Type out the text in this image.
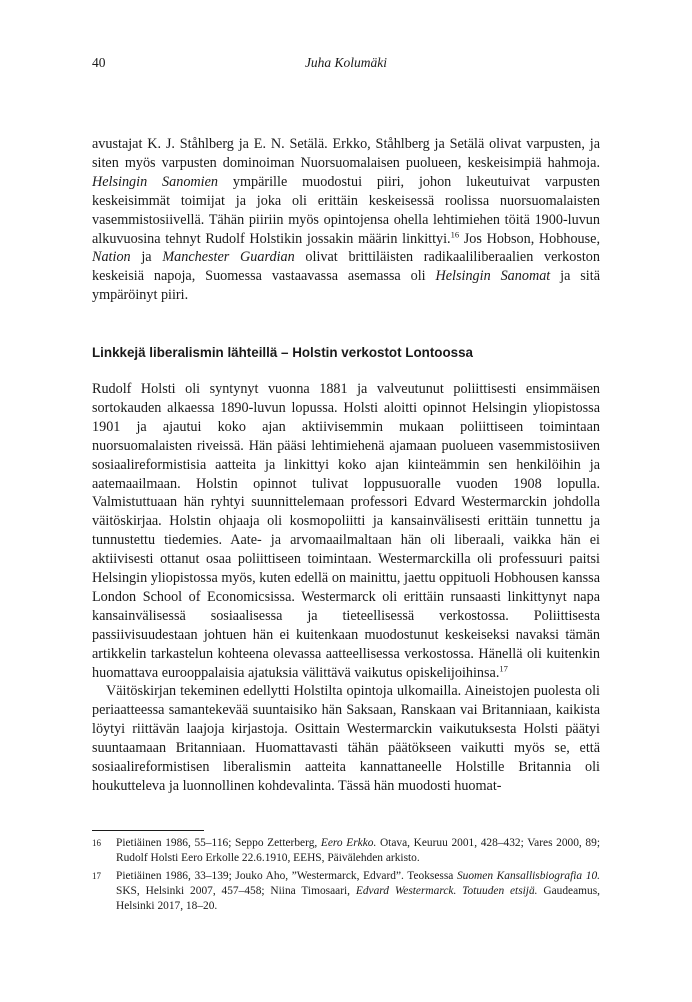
40	Juha Kolumäki

avustajat K. J. Ståhlberg ja E. N. Setälä. Erkko, Ståhlberg ja Setälä olivat varpusten, ja siten myös varpusten dominoiman Nuorsuomalaisen puolueen, keskeisimpiä hahmoja. Helsingin Sanomien ympärille muodostui piiri, johon lukeutuivat varpusten keskeisimmät toimijat ja joka oli erittäin keskeisessä roolissa nuorsuomalaisten vasemmistosiivellä. Tähän piiriin myös opintojensa ohella lehtimiehen töitä 1900-luvun alkuvuosina tehnyt Rudolf Holstikin jossakin määrin linkittyi.$^{16}$ Jos Hobson, Hobhouse, Nation ja Manchester Guardian olivat brittiläisten radikaaliliberaalien verkoston keskeisiä napoja, Suomessa vastaavassa asemassa oli Helsingin Sanomat ja sitä ympäröinyt piiri.

Linkkejä liberalismin lähteillä – Holstin verkostot Lontoossa

Rudolf Holsti oli syntynyt vuonna 1881 ja valveutunut poliittisesti ensimmäisen sortokauden alkaessa 1890-luvun lopussa. Holsti aloitti opinnot Helsingin yliopistossa 1901 ja ajautui koko ajan aktiivisemmin mukaan poliittiseen toimintaan nuorsuomalaisten riveissä. Hän pääsi lehtimiehenä ajamaan puolueen vasemmistosiiven sosiaalireformistisia aatteita ja linkittyi koko ajan kiinteämmin sen henkilöihin ja aatemaailmaan. Holstin opinnot tulivat loppusuoralle vuoden 1908 lopulla. Valmistuttuaan hän ryhtyi suunnittelemaan professori Edvard Westermarckin johdolla väitöskirjaa. Holstin ohjaaja oli kosmopoliitti ja kansainvälisesti erittäin tunnettu ja tunnustettu tiedemies. Aate- ja arvomaailmaltaan hän oli liberaali, vaikka hän ei aktiivisesti ottanut osaa poliittiseen toimintaan. Westermarckilla oli professuuri paitsi Helsingin yliopistossa myös, kuten edellä on mainittu, jaettu oppituoli Hobhousen kanssa London School of Economicsissa. Westermarck oli erittäin runsaasti linkittynyt napa kansainvälisessä sosiaalisessa ja tieteellisessä verkostossa. Poliittisesta passiivisuudestaan johtuen hän ei kuitenkaan muodostunut keskeiseksi navaksi tämän artikkelin tarkastelun kohteena olevassa aatteellisessa verkostossa. Hänellä oli kuitenkin huomattava eurooppalaisia ajatuksia välittävä vaikutus opiskelijoihinsa.$^{17}$

Väitöskirjan tekeminen edellytti Holstilta opintoja ulkomailla. Aineistojen puolesta oli periaatteessa samantekevää suuntaisiko hän Saksaan, Ranskaan vai Britanniaan, kaikista löytyi riittävän laajoja kirjastoja. Osittain Westermarckin vaikutuksesta Holsti päätyi suuntaamaan Britanniaan. Huomattavasti tähän päätökseen vaikutti myös se, että sosiaalireformistisen liberalismin aatteita kannattaneelle Holstille Britannia oli houkutteleva ja luonnollinen kohdevalinta. Tässä hän muodosti huomat-

16 Pietiäinen 1986, 55–116; Seppo Zetterberg, Eero Erkko. Otava, Keuruu 2001, 428–432; Vares 2000, 89; Rudolf Holsti Eero Erkolle 22.6.1910, EEHS, Päivälehden arkisto.
17 Pietiäinen 1986, 33–139; Jouko Aho, ”Westermarck, Edvard”. Teoksessa Suomen Kansallisbiografia 10. SKS, Helsinki 2007, 457–458; Niina Timosaari, Edvard Westermarck. Totuuden etsijä. Gaudeamus, Helsinki 2017, 18–20.
